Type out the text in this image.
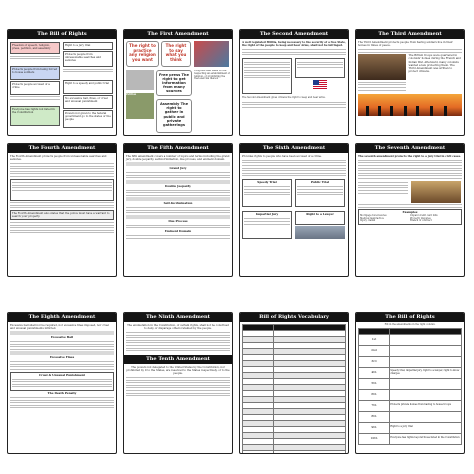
The Bill of Rights
Freedom of speech, religion, press, petition, and assembly
Protects people from being forced to house soldiers
Protects people accused of a crime
Everyone has rights not listed in the Constitution
Right to a jury trial
Protects people from unreasonable searches and seizures
Right to a speedy and public trial
No excessive bail, fines, or cruel and unusual punishment
Powers not given to the federal government go to the states or the people
The First Amendment
The right to practice any religion you want
The right to say what you think
Free press The right to get information from many sources
Congress shall make no law respecting an establishment of religion, or prohibiting the free exercise thereof
Assembly The right to gather in public and private gatherings
Petition
The Second Amendment
A well regulated Militia, being necessary to the security of a free State, the right of the people to keep and bear Arms, shall not be infringed.
The Second Amendment gives citizens the right to keep and bear arms.
The Third Amendment
The Third Amendment protects people from having soldiers live in their homes in times of peace.
The British troops were quartered in colonists' homes during the French and Indian War. Afterward, many colonists wanted a law protecting them. The Third Amendment was written to protect citizens.
The Fourth Amendment
The Fourth Amendment protects people from unreasonable searches and seizures.
The Fourth Amendment also states that the police must have a warrant to search your property.
The Fifth Amendment
The fifth amendment covers a number of topics and terms including the grand jury, double jeopardy, self-incrimination, due process, and eminent domain.
Grand Jury
Double Jeopardy
Self-Incrimination
Due Process
Eminent Domain
The Sixth Amendment
Provides rights to people who have been accused of a crime.
Speedy Trial	Public Trial
Impartial Jury	Right to a Lawyer
The Seventh Amendment
The seventh amendment protects the right to a jury trial in civil cases.
Examples
Mortgage foreclosures	Unpaid credit card bills
Medical malpractice	Property disputes
Injury claims	Breach of contract
The Eighth Amendment
Excessive bail shall not be required, nor excessive fines imposed, nor cruel and unusual punishments inflicted.
Excessive Bail
Excessive Fines
Cruel & Unusual Punishment
The Death Penalty
The Ninth Amendment
The enumeration in the Constitution, of certain rights, shall not be construed to deny or disparage others retained by the people.
The Tenth Amendment
The powers not delegated to the United States by the Constitution, nor prohibited by it to the States, are reserved to the States respectively, or to the people.
Bill of Rights Vocabulary

		The Bill of Rights
Fill in the amendments in the right column.

1st	
2nd	
3rd	
4th	Speedy trial, impartial jury, right to a lawyer, right to know charges
5th	
6th	
7th	Protects private homes from having to house troops
8th	
9th	Right to a jury trial
10th	Everyone has rights beyond those listed in the Constitution
